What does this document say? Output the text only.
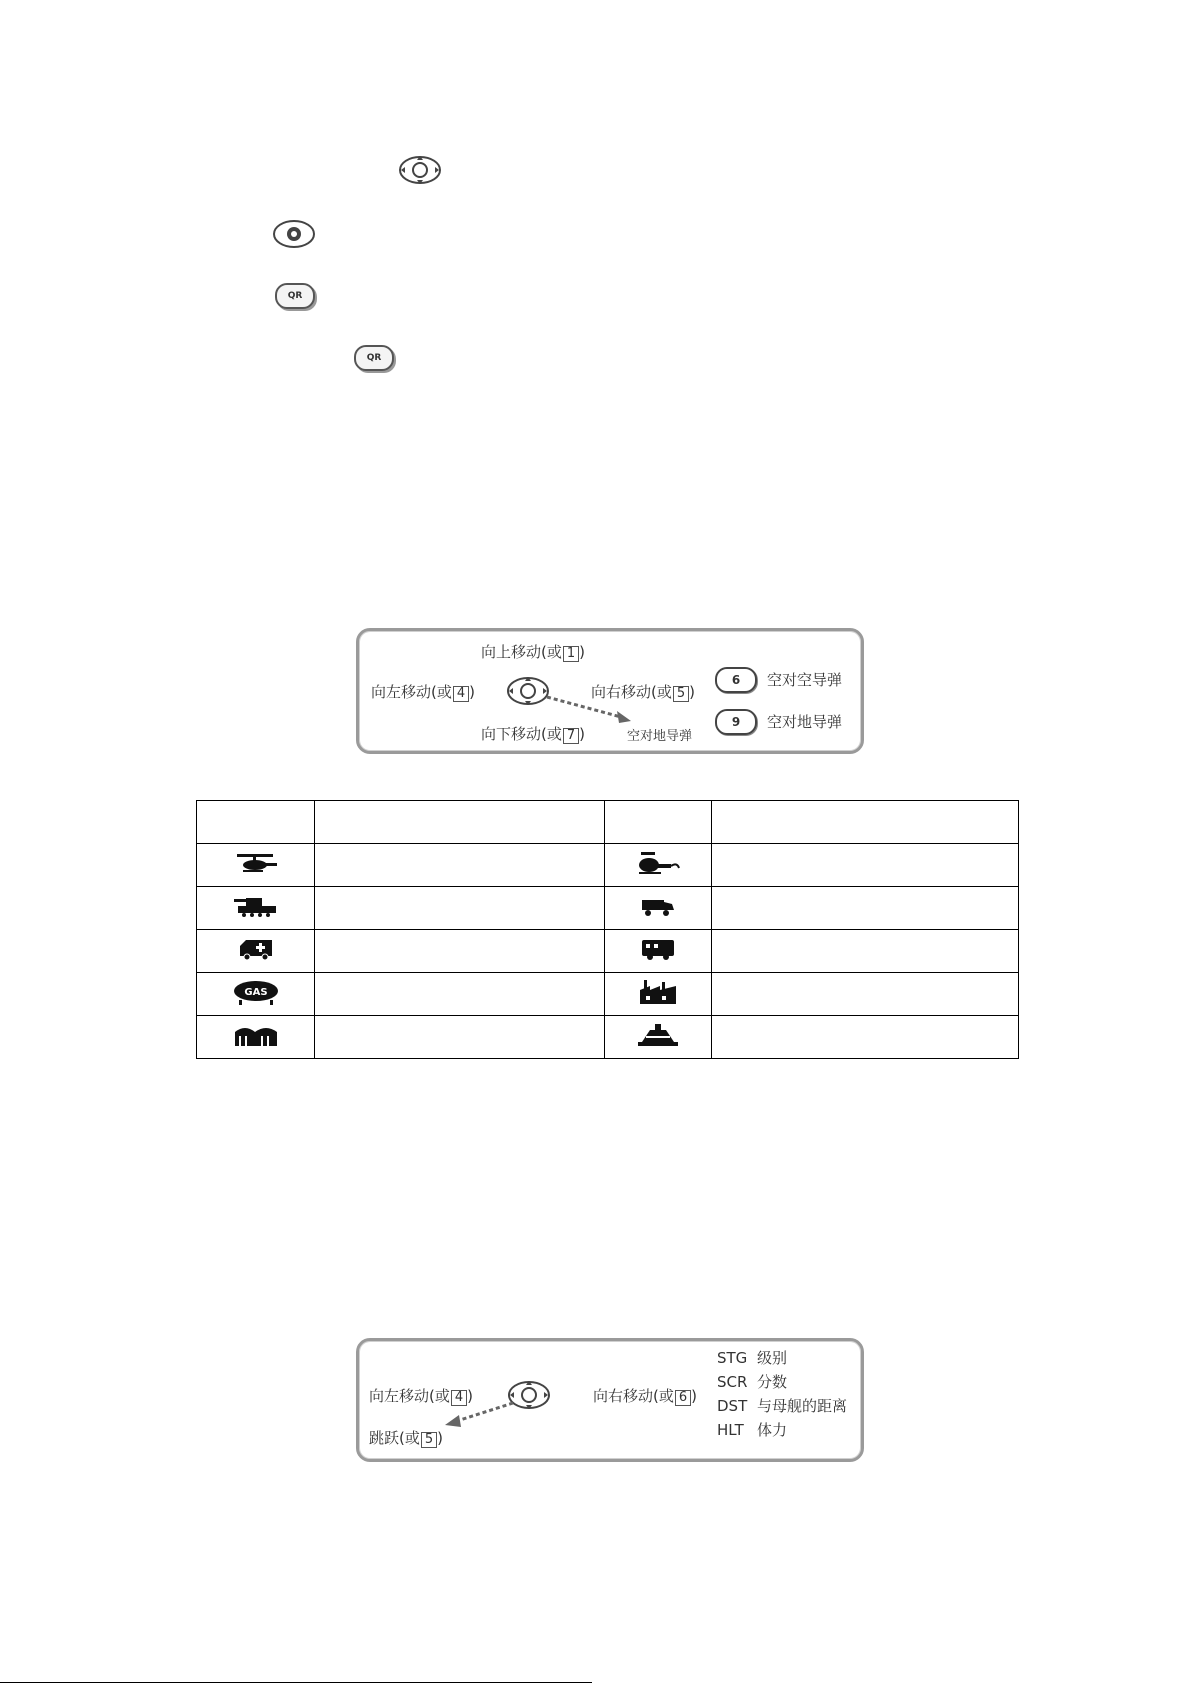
QR
QR
向上移动(或 1 )
向左移动(或 4 )	向右移动(或 5 )
向下移动(或 7 )	空对地导弹
6	空对空导弹
9	空对地导弹

GAS

向左移动(或 4 )
跳跃(或 5 )
向右移动(或 6 )
STG 级别
SCR 分数
DST 与母舰的距离
HLT 体力
